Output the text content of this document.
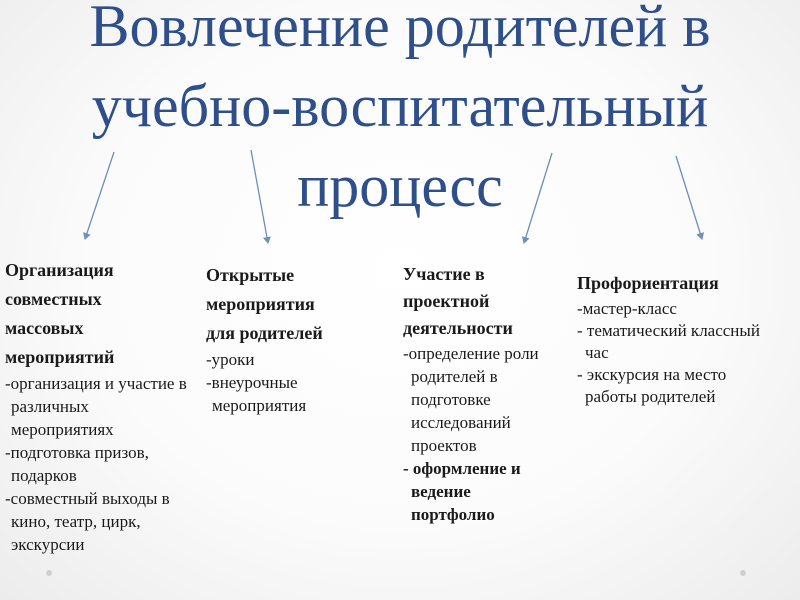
Вовлечение родителей в
учебно-воспитательный
процесс
Организация
совместных
массовых
мероприятий
-организация и участие в
различных
мероприятиях
-подготовка призов,
подарков
-совместный выходы в
кино, театр, цирк,
экскурсии
Открытые
мероприятия
для родителей
-уроки
-внеурочные
мероприятия
Участие в
проектной
деятельности
-определение роли
родителей в
подготовке
исследований
проектов
- оформление и
ведение
портфолио
Профориентация
-мастер-класс
- тематический классный
час
- экскурсия на место
работы родителей
